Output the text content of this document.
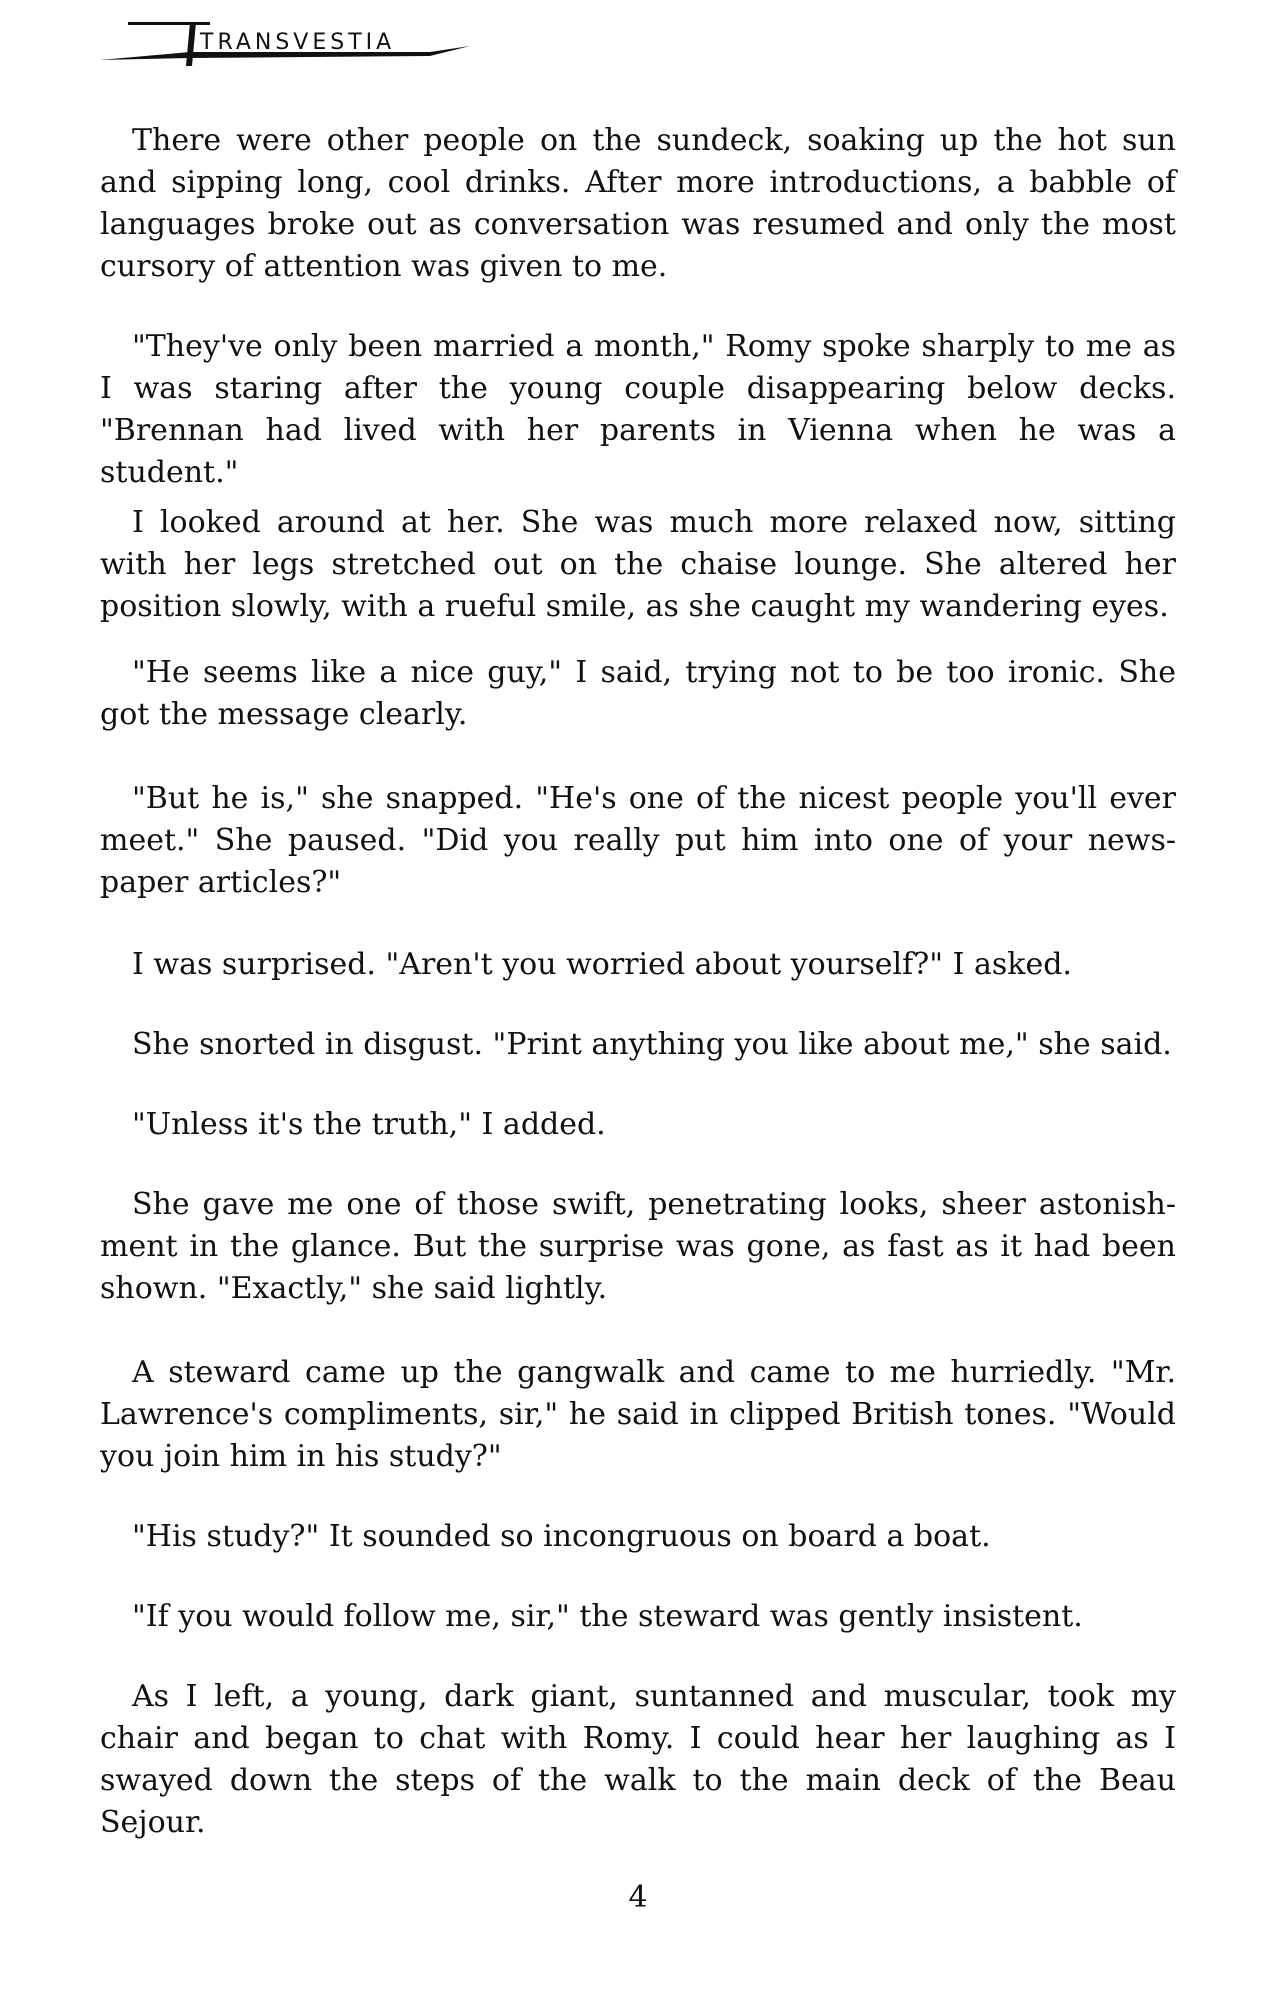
TRANSVESTIA

There were other people on the sundeck, soaking up the hot sun and sipping long, cool drinks. After more introductions, a babble of languages broke out as conversation was resumed and only the most cursory of attention was given to me.

"They've only been married a month," Romy spoke sharply to me as I was staring after the young couple disappearing below decks. "Brennan had lived with her parents in Vienna when he was a student."

I looked around at her. She was much more relaxed now, sitting with her legs stretched out on the chaise lounge. She altered her position slowly, with a rueful smile, as she caught my wandering eyes.

"He seems like a nice guy," I said, trying not to be too ironic. She got the message clearly.

"But he is," she snapped. "He's one of the nicest people you'll ever meet." She paused. "Did you really put him into one of your news-paper articles?"

I was surprised. "Aren't you worried about yourself?" I asked.

She snorted in disgust. "Print anything you like about me," she said.

"Unless it's the truth," I added.

She gave me one of those swift, penetrating looks, sheer astonish-ment in the glance. But the surprise was gone, as fast as it had been shown. "Exactly," she said lightly.

A steward came up the gangwalk and came to me hurriedly. "Mr. Lawrence's compliments, sir," he said in clipped British tones. "Would you join him in his study?"

"His study?" It sounded so incongruous on board a boat.

"If you would follow me, sir," the steward was gently insistent.

As I left, a young, dark giant, suntanned and muscular, took my chair and began to chat with Romy. I could hear her laughing as I swayed down the steps of the walk to the main deck of the Beau Sejour.

4
